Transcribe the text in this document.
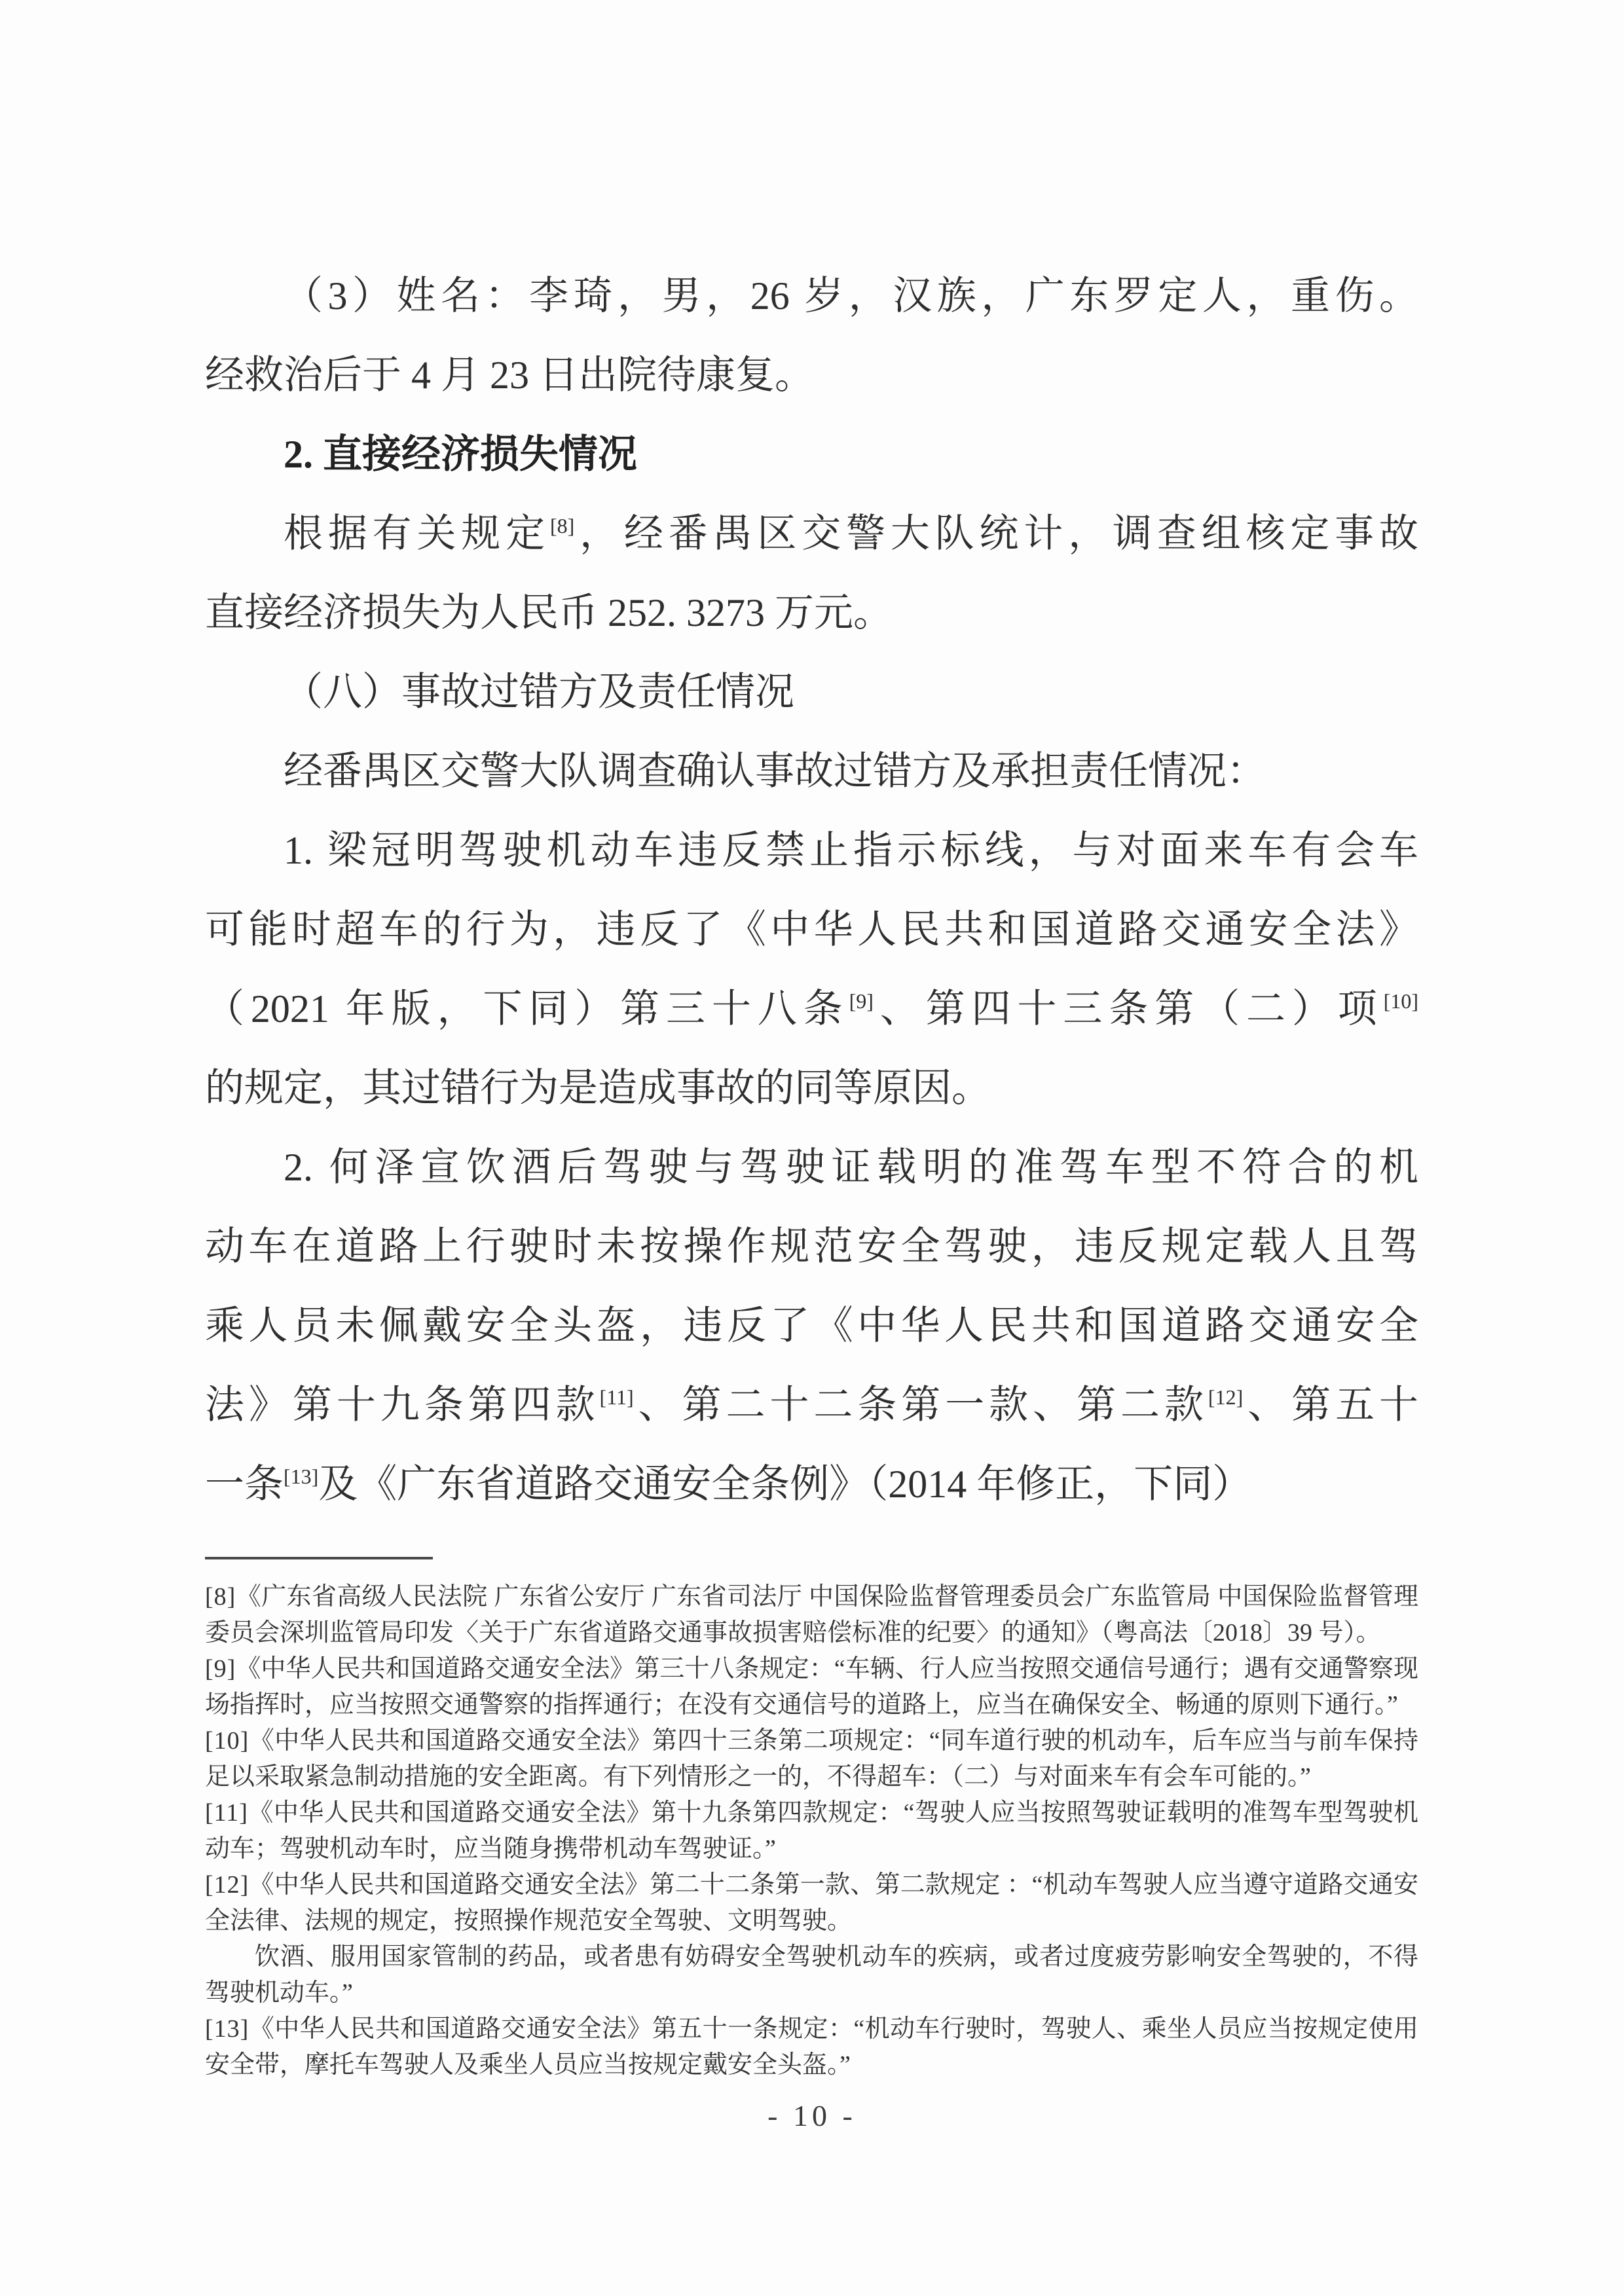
（3）姓名：李琦，男，26 岁，汉族，广东罗定人，重伤。

经救治后于 4 月 23 日出院待康复。

2. 直接经济损失情况

根据有关规定[8]，经番禺区交警大队统计，调查组核定事故

直接经济损失为人民币 252. 3273 万元。

（八）事故过错方及责任情况

经番禺区交警大队调查确认事故过错方及承担责任情况：

1. 梁冠明驾驶机动车违反禁止指示标线，与对面来车有会车

可能时超车的行为，违反了《中华人民共和国道路交通安全法》

（2021 年版，下同）第三十八条[9]、第四十三条第（二）项[10]

的规定，其过错行为是造成事故的同等原因。

2. 何泽宣饮酒后驾驶与驾驶证载明的准驾车型不符合的机

动车在道路上行驶时未按操作规范安全驾驶，违反规定载人且驾

乘人员未佩戴安全头盔，违反了《中华人民共和国道路交通安全

法》第十九条第四款[11]、第二十二条第一款、第二款[12]、第五十

一条[13]及《广东省道路交通安全条例》（2014 年修正，下同）

[8]《广东省高级人民法院 广东省公安厅 广东省司法厅 中国保险监督管理委员会广东监管局 中国保险监督管理委员会深圳监管局印发〈关于广东省道路交通事故损害赔偿标准的纪要〉的通知》（粤高法〔2018〕39 号）。

[9]《中华人民共和国道路交通安全法》第三十八条规定：“车辆、行人应当按照交通信号通行；遇有交通警察现场指挥时，应当按照交通警察的指挥通行；在没有交通信号的道路上，应当在确保安全、畅通的原则下通行。”

[10]《中华人民共和国道路交通安全法》第四十三条第二项规定：“同车道行驶的机动车，后车应当与前车保持足以采取紧急制动措施的安全距离。有下列情形之一的，不得超车：（二）与对面来车有会车可能的。”

[11]《中华人民共和国道路交通安全法》第十九条第四款规定：“驾驶人应当按照驾驶证载明的准驾车型驾驶机动车；驾驶机动车时，应当随身携带机动车驾驶证。”

[12]《中华人民共和国道路交通安全法》第二十二条第一款、第二款规定 ：“机动车驾驶人应当遵守道路交通安全法律、法规的规定，按照操作规范安全驾驶、文明驾驶。

饮酒、服用国家管制的药品，或者患有妨碍安全驾驶机动车的疾病，或者过度疲劳影响安全驾驶的，不得驾驶机动车。”

[13]《中华人民共和国道路交通安全法》第五十一条规定：“机动车行驶时，驾驶人、乘坐人员应当按规定使用安全带，摩托车驾驶人及乘坐人员应当按规定戴安全头盔。”

- 10 -
